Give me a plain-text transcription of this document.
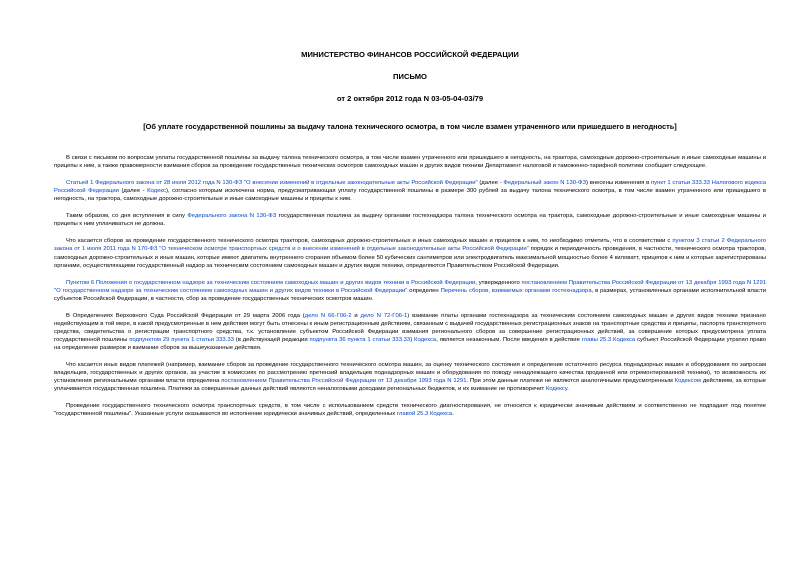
МИНИСТЕРСТВО ФИНАНСОВ РОССИЙСКОЙ ФЕДЕРАЦИИ

ПИСЬМО

от 2 октября 2012 года N 03-05-04-03/79

[Об уплате государственной пошлины за выдачу талона технического осмотра, в том числе взамен утраченного или пришедшего в негодность]

В связи с письмом по вопросам уплаты государственной пошлины за выдачу талона технического осмотра, в том числе взамен утраченного или пришедшего в негодность, на трактора, самоходные дорожно-строительные и иные самоходные машины и прицепы к ним, а также правомерности взимания сборов за проведение государственных технических осмотров самоходных машин и других видов техники Департамент налоговой и таможенно-тарифной политики сообщает следующее.

Статьей 1 Федерального закона от 28 июля 2012 года N 130-ФЗ "О внесении изменений в отдельные законодательные акты Российской Федерации" (далее - Федеральный закон N 130-ФЗ) внесены изменения в пункт 1 статьи 333.33 Налогового кодекса Российской Федерации (далее - Кодекс), согласно которым исключена норма, предусматривающая уплату государственной пошлины в размере 300 рублей за выдачу талона технического осмотра, в том числе взамен утраченного или пришедшего в негодность, на трактора, самоходные дорожно-строительные и иные самоходные машины и прицепы к ним.

Таким образом, со дня вступления в силу Федерального закона N 130-ФЗ государственная пошлина за выдачу органами гостехнадзора талона технического осмотра на трактора, самоходные дорожно-строительные и иные самоходные машины и прицепы к ним уплачиваться не должна.

Что касается сборов за проведение государственного технического осмотра тракторов, самоходных дорожно-строительных и иных самоходных машин и прицепов к ним, то необходимо отметить, что в соответствии с пунктом 3 статьи 2 Федерального закона от 1 июля 2011 года N 170-ФЗ "О техническом осмотре транспортных средств и о внесении изменений в отдельные законодательные акты Российской Федерации" порядок и периодичность проведения, в частности, технического осмотра тракторов, самоходных дорожно-строительных и иных машин, которые имеют двигатель внутреннего сгорания объемом более 50 кубических сантиметров или электродвигатель максимальной мощностью более 4 киловатт, прицепов к ним и которые зарегистрированы органами, осуществляющими государственный надзор за техническим состоянием самоходных машин и других видов техники, определяются Правительством Российской Федерации.

Пунктом 6 Положения о государственном надзоре за техническим состоянием самоходных машин и других видов техники в Российской Федерации, утвержденного постановлением Правительства Российской Федерации от 13 декабря 1993 года N 1291 "О государственном надзоре за техническим состоянием самоходных машин и других видов техники в Российской Федерации" определен Перечень сборов, взимаемых органами гостехнадзора, в размерах, установленных органами исполнительной власти субъектов Российской Федерации, в частности, сбор за проведение государственных технических осмотров машин.

В Определениях Верховного Суда Российской Федерации от 29 марта 2006 года (дело N 66-Г06-2 и дело N 72-Г06-1) взимание платы органами гостехнадзора за техническим состоянием самоходных машин и других видов техники признано недействующим в той мере, в какой предусмотренные в нем действия могут быть отнесены к иным регистрационным действиям, связанным с выдачей государственных регистрационных знаков на транспортные средства и прицепы, паспорта транспортного средства, свидетельства о регистрации транспортного средства, т.к. установление субъектом Российской Федерации взимания регионального сборов за совершение регистрационных действий, за совершение которых предусмотрена уплата государственной пошлины подпунктом 29 пункта 1 статьи 333.33 (в действующей редакции подпункта 36 пункта 1 статьи 333.33) Кодекса, является незаконным. После введения в действие главы 25.3 Кодекса субъект Российской Федерации утратил право на определение размеров и взимание сборов за вышеуказанные действия.

Что касается иных видов платежей (например, взимание сборов за проведение государственного технического осмотра машин, за оценку технического состояния и определение остаточного ресурса поднадзорных машин и оборудования по запросам владельцев, государственных и других органов, за участие в комиссиях по рассмотрению претензий владельцев поднадзорных машин и оборудования по поводу ненадлежащего качества проданной или отремонтированной техники), то возможность их установления региональными органами власти определена постановлением Правительства Российской Федерации от 13 декабря 1993 года N 1291. При этом данные платежи не являются аналогичными предусмотренным Кодексом действиям, за которые уплачивается государственная пошлина. Платежи за совершенные данных действий являются неналоговыми доходами региональных бюджетов, и их взимание не противоречит Кодексу.

Проведение государственного технического осмотра транспортных средств, в том числе с использованием средств технического диагностирования, не относится к юридически значимым действиям и соответственно не подпадает под понятие "государственной пошлины". Указанные услуги оказываются во исполнение юридически значимых действий, определенных главой 25.3 Кодекса.
